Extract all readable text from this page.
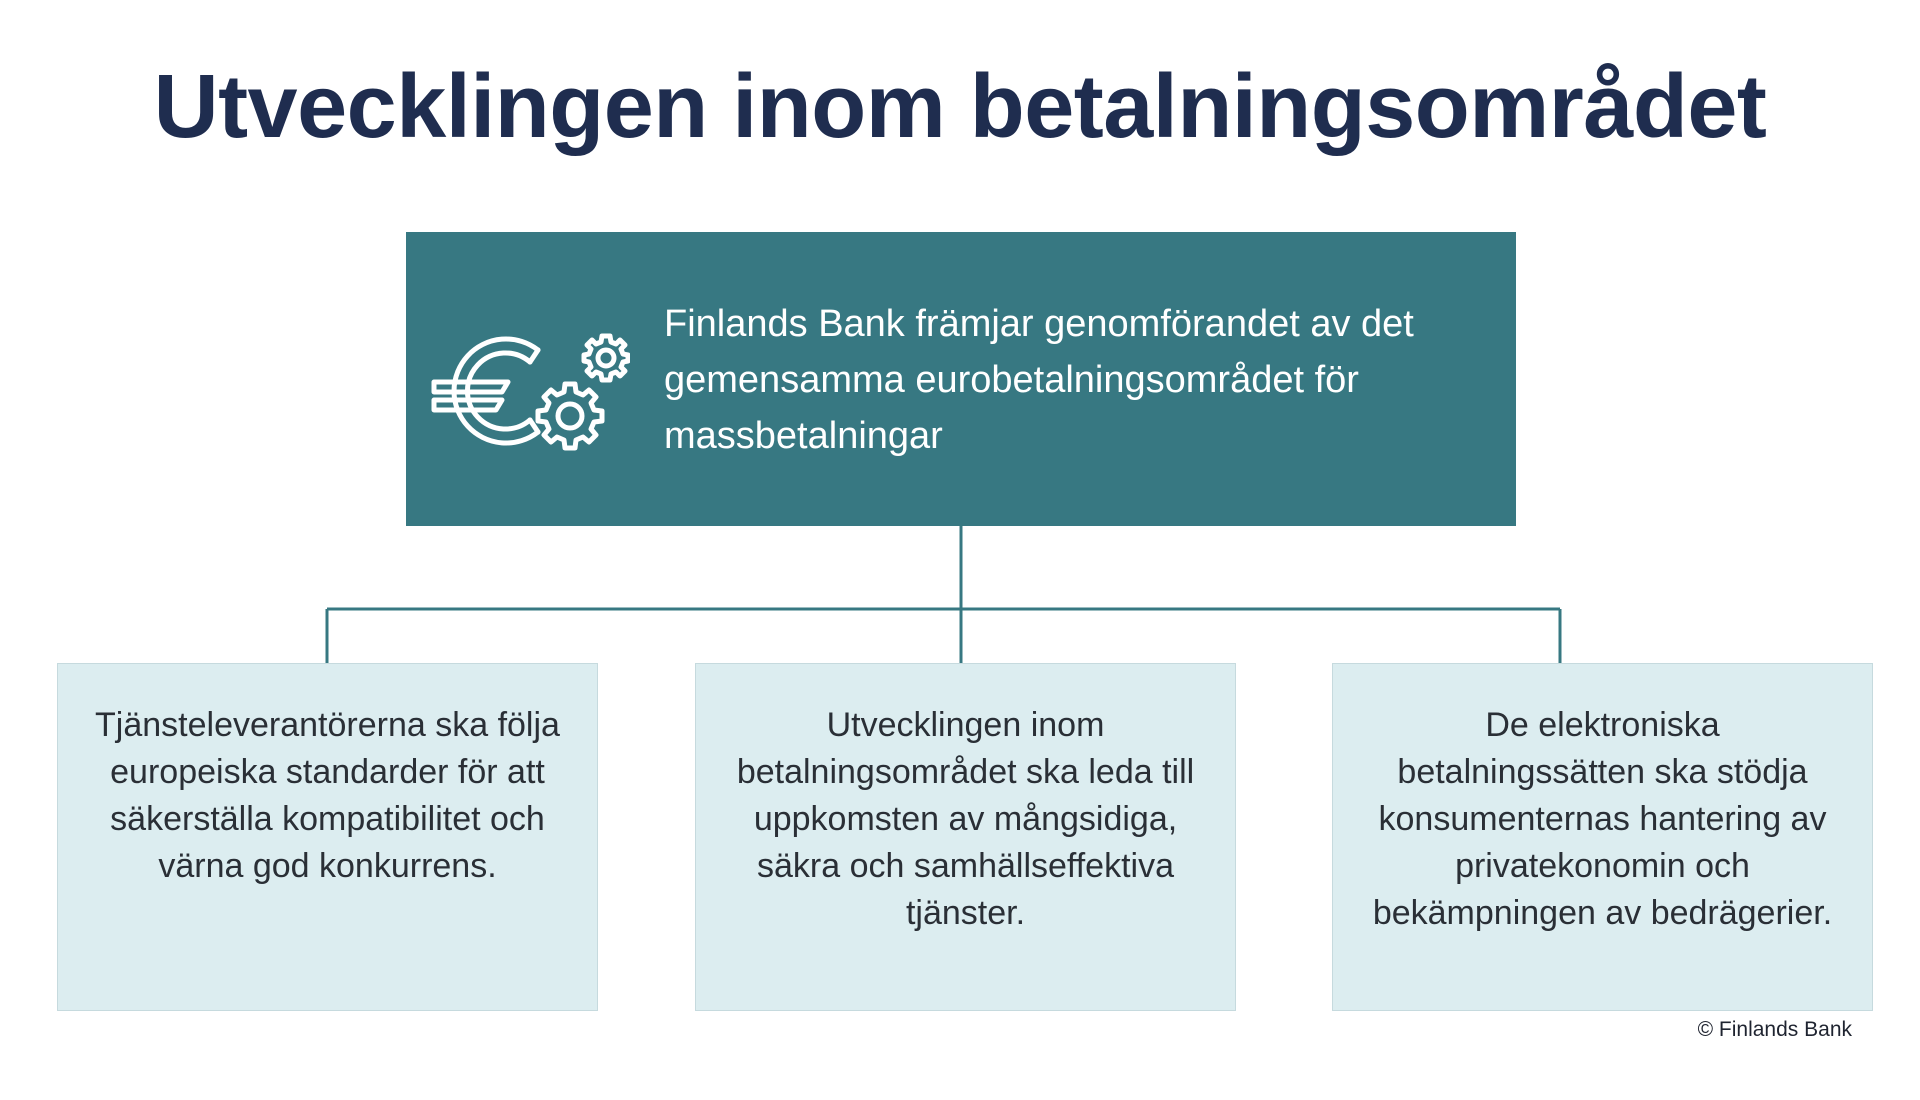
Utvecklingen inom betalningsområdet
Finlands Bank främjar genomförandet av det gemensamma eurobetalningsområdet för massbetalningar
Tjänsteleverantörerna ska följa europeiska standarder för att säkerställa kompatibilitet och värna god konkurrens.
Utvecklingen inom betalningsområdet ska leda till uppkomsten av mångsidiga, säkra och samhällseffektiva tjänster.
De elektroniska betalningssätten ska stödja konsumenternas hantering av privatekonomin och bekämpningen av bedrägerier.
© Finlands Bank
